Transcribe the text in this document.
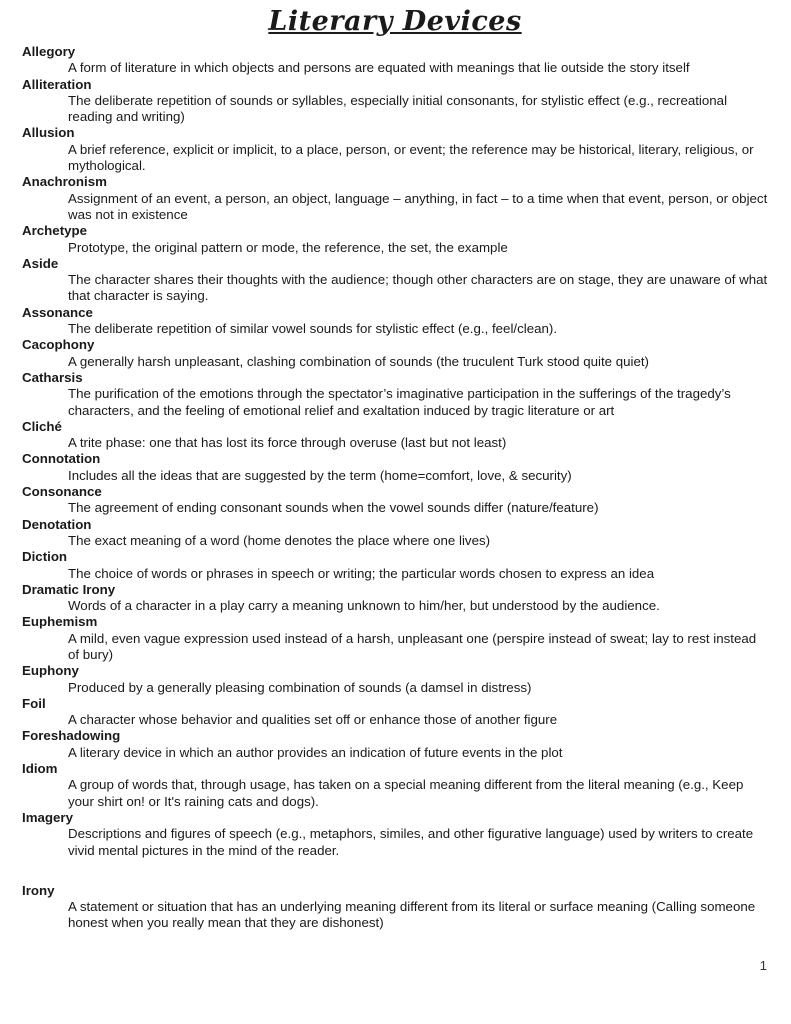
Literary Devices
Allegory
A form of literature in which objects and persons are equated with meanings that lie outside the story itself
Alliteration
The deliberate repetition of sounds or syllables, especially initial consonants, for stylistic effect (e.g., recreational reading and writing)
Allusion
A brief reference, explicit or implicit, to a place, person, or event; the reference may be historical, literary, religious, or mythological.
Anachronism
Assignment of an event, a person, an object, language – anything, in fact – to a time when that event, person, or object was not in existence
Archetype
Prototype, the original pattern or mode, the reference, the set, the example
Aside
The character shares their thoughts with the audience; though other characters are on stage, they are unaware of what that character is saying.
Assonance
The deliberate repetition of similar vowel sounds for stylistic effect (e.g., feel/clean).
Cacophony
A generally harsh unpleasant, clashing combination of sounds (the truculent Turk stood quite quiet)
Catharsis
The purification of the emotions through the spectator’s imaginative participation in the sufferings of the tragedy’s characters, and the feeling of emotional relief and exaltation induced by tragic literature or art
Cliché
A trite phase: one that has lost its force through overuse (last but not least)
Connotation
Includes all the ideas that are suggested by the term (home=comfort, love, & security)
Consonance
The agreement of ending consonant sounds when the vowel sounds differ (nature/feature)
Denotation
The exact meaning of a word (home denotes the place where one lives)
Diction
The choice of words or phrases in speech or writing; the particular words chosen to express an idea
Dramatic Irony
Words of a character in a play carry a meaning unknown to him/her, but understood by the audience.
Euphemism
A mild, even vague expression used instead of a harsh, unpleasant one (perspire instead of sweat; lay to rest instead of bury)
Euphony
Produced by a generally pleasing combination of sounds (a damsel in distress)
Foil
A character whose behavior and qualities set off or enhance those of another figure
Foreshadowing
A literary device in which an author provides an indication of future events in the plot
Idiom
A group of words that, through usage, has taken on a special meaning different from the literal meaning (e.g., Keep your shirt on! or It's raining cats and dogs).
Imagery
Descriptions and figures of speech (e.g., metaphors, similes, and other figurative language) used by writers to create vivid mental pictures in the mind of the reader.
Irony
A statement or situation that has an underlying meaning different from its literal or surface meaning (Calling someone honest when you really mean that they are dishonest)
1
